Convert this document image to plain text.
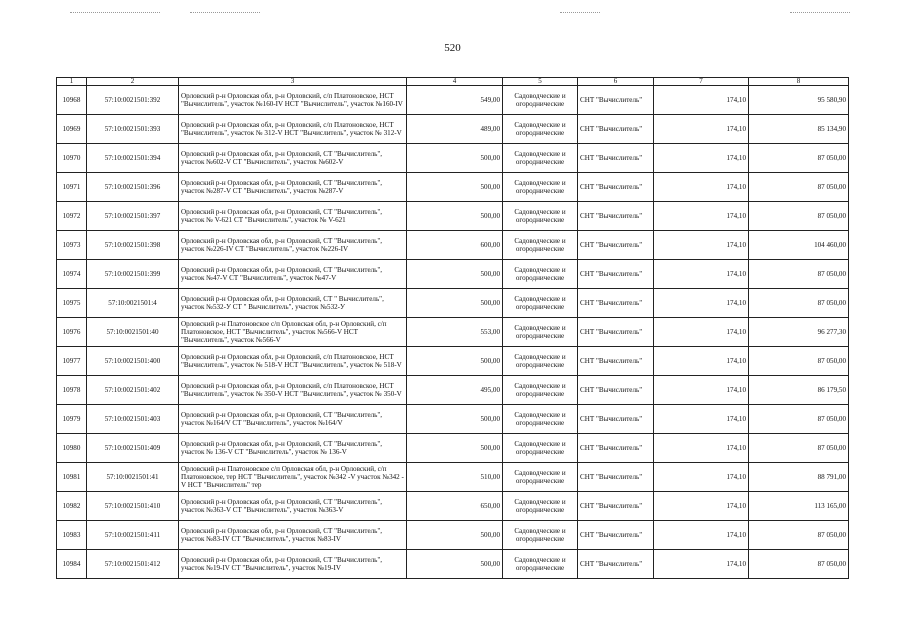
520
1	2	3	4	5	6	7	8
10968	57:10:0021501:392	Орловский р-н Орловская обл, р-н Орловский, с/п Платоновское, НСТ "Вычислитель", участок №160-IV НСТ "Вычислитель", участок №160-IV	549,00	Садоводческие и огороднические	СНТ "Вычислитель"	174,10	95 580,90
10969	57:10:0021501:393	Орловский р-н Орловская обл, р-н Орловский, с/п Платоновское, НСТ "Вычислитель", участок № 312-V НСТ "Вычислитель", участок № 312-V	489,00	Садоводческие и огороднические	СНТ "Вычислитель"	174,10	85 134,90
10970	57:10:0021501:394	Орловский р-н Орловская обл, р-н Орловский, СТ "Вычислитель", участок №602-V СТ "Вычислитель", участок №602-V	500,00	Садоводческие и огороднические	СНТ "Вычислитель"	174,10	87 050,00
10971	57:10:0021501:396	Орловский р-н Орловская обл, р-н Орловский, СТ "Вычислитель", участок №287-V СТ "Вычислитель", участок №287-V	500,00	Садоводческие и огороднические	СНТ "Вычислитель"	174,10	87 050,00
10972	57:10:0021501:397	Орловский р-н Орловская обл, р-н Орловский, СТ "Вычислитель", участок № V-621 СТ "Вычислитель", участок № V-621	500,00	Садоводческие и огороднические	СНТ "Вычислитель"	174,10	87 050,00
10973	57:10:0021501:398	Орловский р-н Орловская обл, р-н Орловский, СТ "Вычислитель", участок №226-IV СТ "Вычислитель", участок №226-IV	600,00	Садоводческие и огороднические	СНТ "Вычислитель"	174,10	104 460,00
10974	57:10:0021501:399	Орловский р-н Орловская обл, р-н Орловский, СТ "Вычислитель", участок №47-V СТ "Вычислитель", участок №47-V	500,00	Садоводческие и огороднические	СНТ "Вычислитель"	174,10	87 050,00
10975	57:10:0021501:4	Орловский р-н Орловская обл, р-н Орловский, СТ " Вычислитель", участок №532-У СТ " Вычислитель", участок №532-У	500,00	Садоводческие и огороднические	СНТ "Вычислитель"	174,10	87 050,00
10976	57:10:0021501:40	Орловский р-н Платоновское с/п Орловская обл, р-н Орловский, с/п Платоновское, НСТ "Вычислитель", участок №566-V НСТ "Вычислитель", участок №566-V	553,00	Садоводческие и огороднические	СНТ "Вычислитель"	174,10	96 277,30
10977	57:10:0021501:400	Орловский р-н Орловская обл, р-н Орловский, с/п Платоновское, НСТ "Вычислитель", участок № 518-V НСТ "Вычислитель", участок № 518-V	500,00	Садоводческие и огороднические	СНТ "Вычислитель"	174,10	87 050,00
10978	57:10:0021501:402	Орловский р-н Орловская обл, р-н Орловский, с/п Платоновское, НСТ "Вычислитель", участок № 350-V НСТ "Вычислитель", участок № 350-V	495,00	Садоводческие и огороднические	СНТ "Вычислитель"	174,10	86 179,50
10979	57:10:0021501:403	Орловский р-н Орловская обл, р-н Орловский, СТ "Вычислитель", участок №164/V СТ "Вычислитель", участок №164/V	500,00	Садоводческие и огороднические	СНТ "Вычислитель"	174,10	87 050,00
10980	57:10:0021501:409	Орловский р-н Орловская обл, р-н Орловский, СТ "Вычислитель", участок № 136-V СТ "Вычислитель", участок № 136-V	500,00	Садоводческие и огороднические	СНТ "Вычислитель"	174,10	87 050,00
10981	57:10:0021501:41	Орловский р-н Платоновское с/п Орловская обл, р-н Орловский, с/п Платоновское, тер НСТ "Вычислитель", участок №342 -V участок №342 -V НСТ "Вычислитель" тер	510,00	Садоводческие и огороднические	СНТ "Вычислитель"	174,10	88 791,00
10982	57:10:0021501:410	Орловский р-н Орловская обл, р-н Орловский, СТ "Вычислитель", участок №363-V СТ "Вычислитель", участок №363-V	650,00	Садоводческие и огороднические	СНТ "Вычислитель"	174,10	113 165,00
10983	57:10:0021501:411	Орловский р-н Орловская обл, р-н Орловский, СТ "Вычислитель", участок №83-IV СТ "Вычислитель", участок №83-IV	500,00	Садоводческие и огороднические	СНТ "Вычислитель"	174,10	87 050,00
10984	57:10:0021501:412	Орловский р-н Орловская обл, р-н Орловский, СТ "Вычислитель", участок №19-IV СТ "Вычислитель", участок №19-IV	500,00	Садоводческие и огороднические	СНТ "Вычислитель"	174,10	87 050,00
